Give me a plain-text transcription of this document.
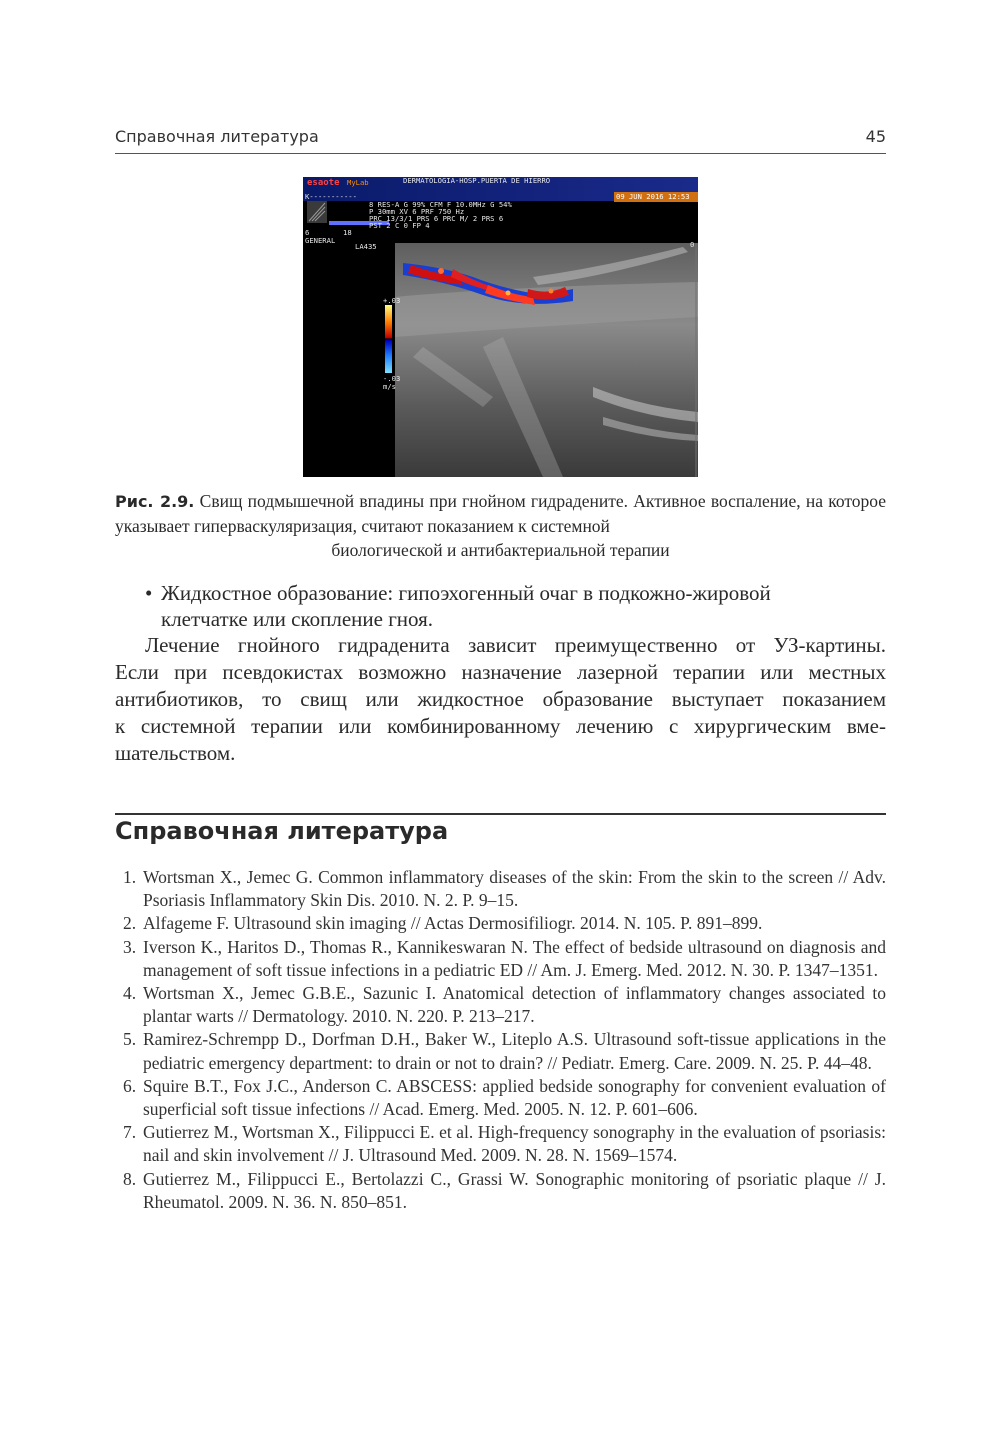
Справочная литература	45
esaote MyLab	DERMATOLOGIA-HOSP.PUERTA DE HIERRO
09 JUN 2016 12:53
K-----------
8 RES-A G 99% CFM F 10.0MHz G 54%
P 30mm XV 6 PRF 750 Hz
PRC 13/3/1 PRS 6 PRC M/ 2 PRS 6
PST 2 C 0 FP 4
6	18
GENERAL
LA435
+.03
-.03
m/s
0
Рис. 2.9. Свищ подмышечной впадины при гнойном гидрадените. Активное воспаление, на которое указывает гиперваскуляризация, считают показанием к системной
биологической и антибактериальной терапии
• Жидкостное образование: гипоэхогенный очаг в подкожно-жировой
клетчатке или скопление гноя.
Лечение гнойного гидраденита зависит преимущественно от УЗ-картины.
Если при псевдокистах возможно назначение лазерной терапии или местных
антибиотиков, то свищ или жидкостное образование выступает показанием
к системной терапии или комбинированному лечению с хирургическим вме-
шательством.
Справочная литература
1. Wortsman X., Jemec G. Common inflammatory diseases of the skin: From the skin to the screen // Adv. Psoriasis Inflammatory Skin Dis. 2010. N. 2. P. 9–15.
2. Alfageme F. Ultrasound skin imaging // Actas Dermosifiliogr. 2014. N. 105. P. 891–899.
3. Iverson K., Haritos D., Thomas R., Kannikeswaran N. The effect of bedside ultrasound on diagnosis and management of soft tissue infections in a pediatric ED // Am. J. Emerg. Med. 2012. N. 30. P. 1347–1351.
4. Wortsman X., Jemec G.B.E., Sazunic I. Anatomical detection of inflammatory changes associated to plantar warts // Dermatology. 2010. N. 220. P. 213–217.
5. Ramirez-Schrempp D., Dorfman D.H., Baker W., Liteplo A.S. Ultrasound soft-tissue applications in the pediatric emergency department: to drain or not to drain? // Pediatr. Emerg. Care. 2009. N. 25. P. 44–48.
6. Squire B.T., Fox J.C., Anderson C. ABSCESS: applied bedside sonography for convenient evaluation of superficial soft tissue infections // Acad. Emerg. Med. 2005. N. 12. P. 601–606.
7. Gutierrez M., Wortsman X., Filippucci E. et al. High-frequency sonography in the evaluation of psoriasis: nail and skin involvement // J. Ultrasound Med. 2009. N. 28. N. 1569–1574.
8. Gutierrez M., Filippucci E., Bertolazzi C., Grassi W. Sonographic monitoring of psoriatic plaque // J. Rheumatol. 2009. N. 36. N. 850–851.
